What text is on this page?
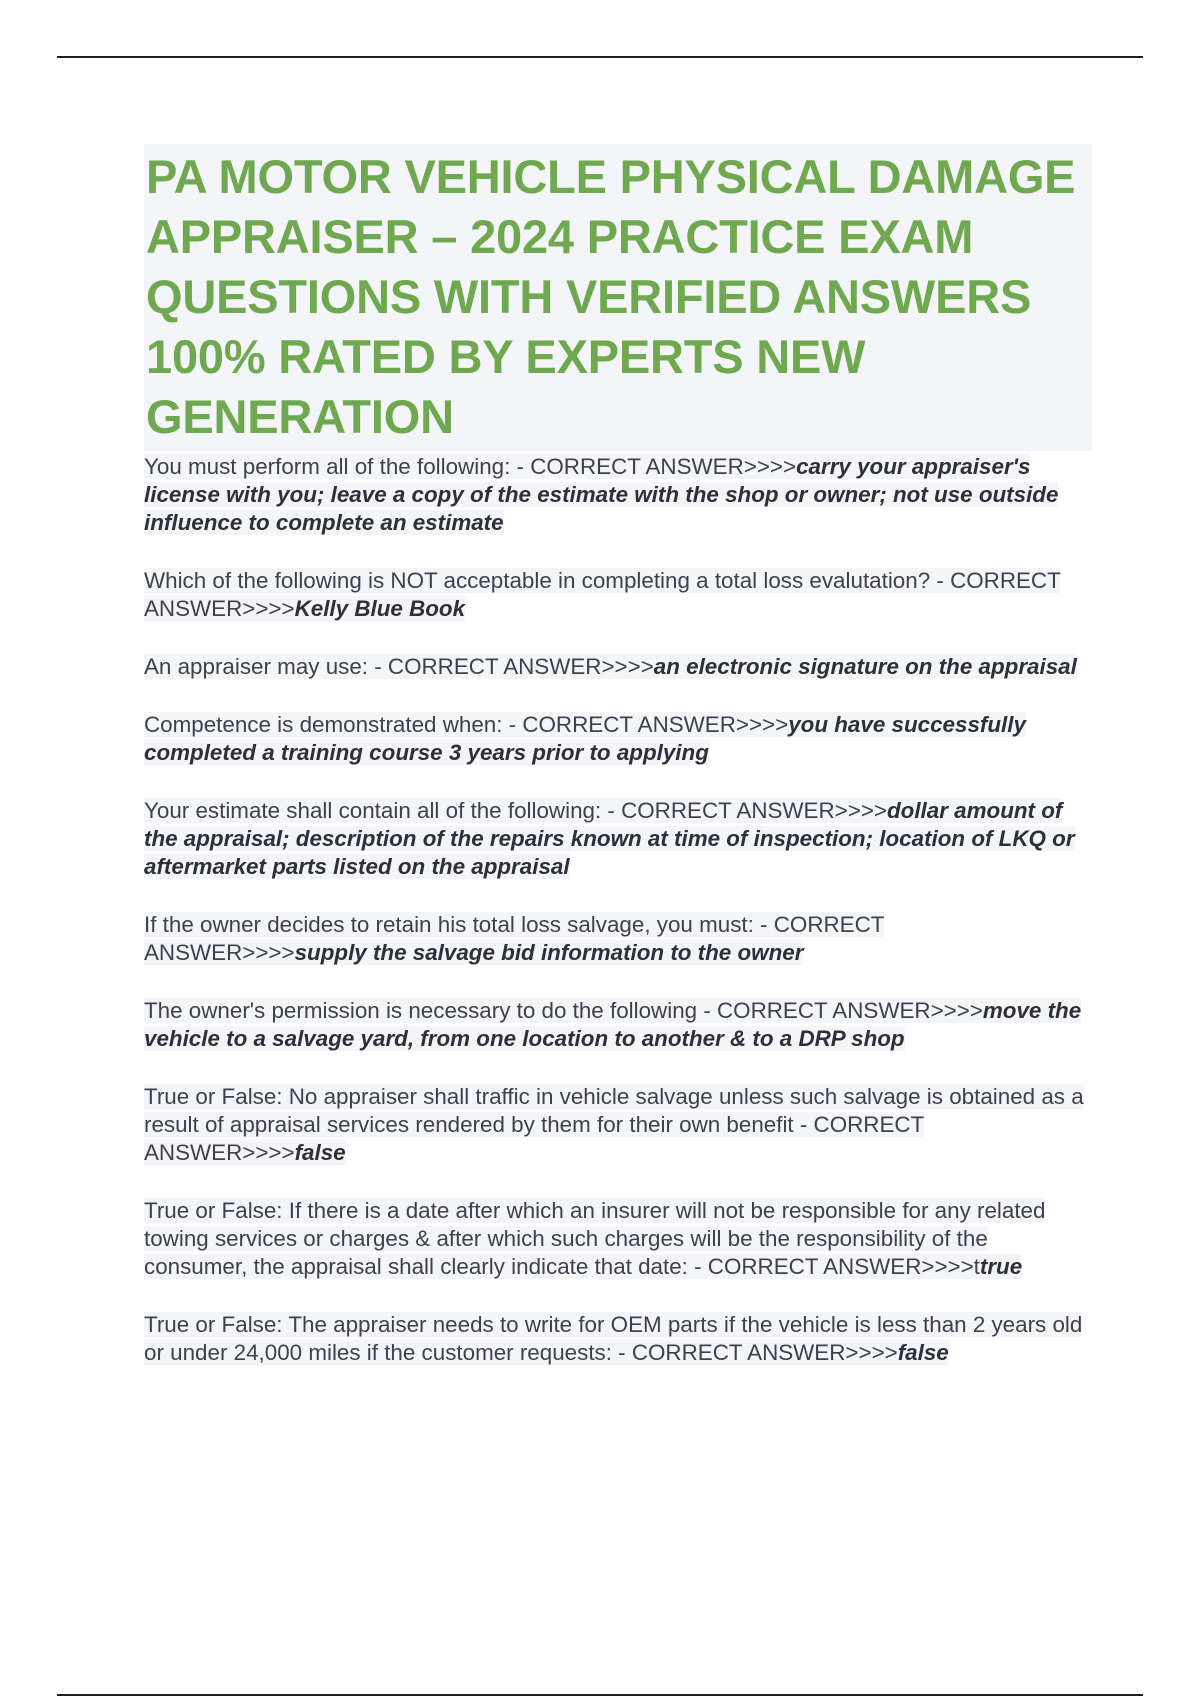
PA MOTOR VEHICLE PHYSICAL DAMAGE APPRAISER – 2024 PRACTICE EXAM QUESTIONS WITH VERIFIED ANSWERS 100% RATED BY EXPERTS NEW GENERATION

You must perform all of the following: - CORRECT ANSWER>>>>carry your appraiser's license with you; leave a copy of the estimate with the shop or owner; not use outside influence to complete an estimate

Which of the following is NOT acceptable in completing a total loss evalutation? - CORRECT ANSWER>>>>Kelly Blue Book

An appraiser may use: - CORRECT ANSWER>>>>an electronic signature on the appraisal

Competence is demonstrated when: - CORRECT ANSWER>>>>you have successfully completed a training course 3 years prior to applying

Your estimate shall contain all of the following: - CORRECT ANSWER>>>>dollar amount of the appraisal; description of the repairs known at time of inspection; location of LKQ or aftermarket parts listed on the appraisal

If the owner decides to retain his total loss salvage, you must: - CORRECT ANSWER>>>>supply the salvage bid information to the owner

The owner's permission is necessary to do the following - CORRECT ANSWER>>>>move the vehicle to a salvage yard, from one location to another & to a DRP shop

True or False: No appraiser shall traffic in vehicle salvage unless such salvage is obtained as a result of appraisal services rendered by them for their own benefit - CORRECT ANSWER>>>>false

True or False: If there is a date after which an insurer will not be responsible for any related towing services or charges & after which such charges will be the responsibility of the consumer, the appraisal shall clearly indicate that date: - CORRECT ANSWER>>>>ttrue

True or False: The appraiser needs to write for OEM parts if the vehicle is less than 2 years old or under 24,000 miles if the customer requests: - CORRECT ANSWER>>>>false
